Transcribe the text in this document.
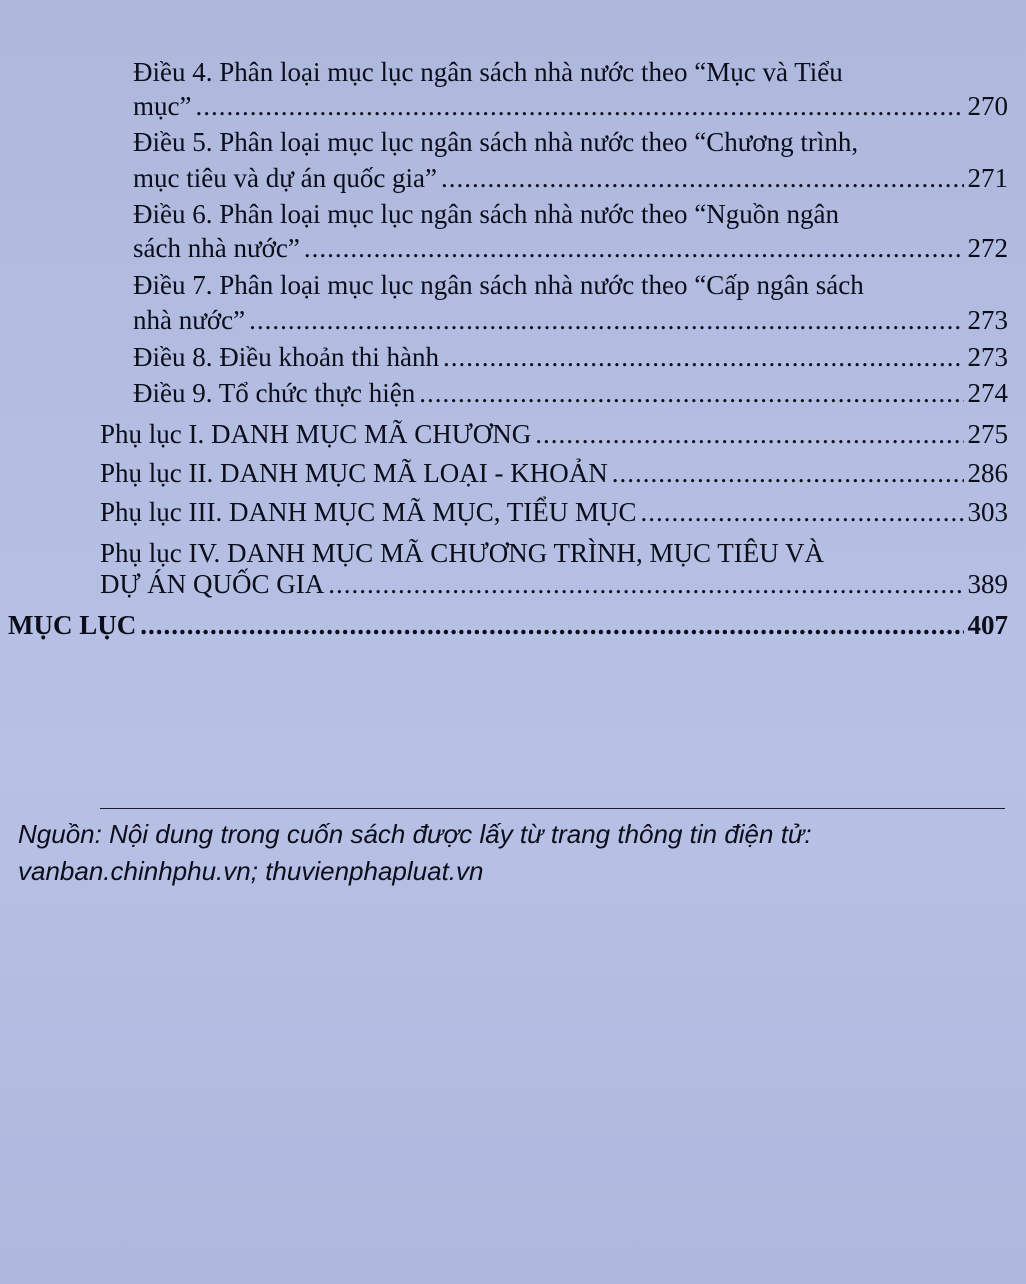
Điều 4. Phân loại mục lục ngân sách nhà nước theo “Mục và Tiểu
mục” .....	270
Điều 5. Phân loại mục lục ngân sách nhà nước theo “Chương trình,
mục tiêu và dự án quốc gia” .....	271
Điều 6. Phân loại mục lục ngân sách nhà nước theo “Nguồn ngân
sách nhà nước” .....	272
Điều 7. Phân loại mục lục ngân sách nhà nước theo “Cấp ngân sách
nhà nước” .....	273
Điều 8. Điều khoản thi hành .....	273
Điều 9. Tổ chức thực hiện .....	274
Phụ lục I. DANH MỤC MÃ CHƯƠNG .....	275
Phụ lục II. DANH MỤC MÃ LOẠI - KHOẢN .....	286
Phụ lục III. DANH MỤC MÃ MỤC, TIỂU MỤC .....	303
Phụ lục IV. DANH MỤC MÃ CHƯƠNG TRÌNH, MỤC TIÊU VÀ
DỰ ÁN QUỐC GIA .....	389
MỤC LỤC .....	407
Nguồn: Nội dung trong cuốn sách được lấy từ trang thông tin điện tử:
vanban.chinhphu.vn; thuvienphapluat.vn
